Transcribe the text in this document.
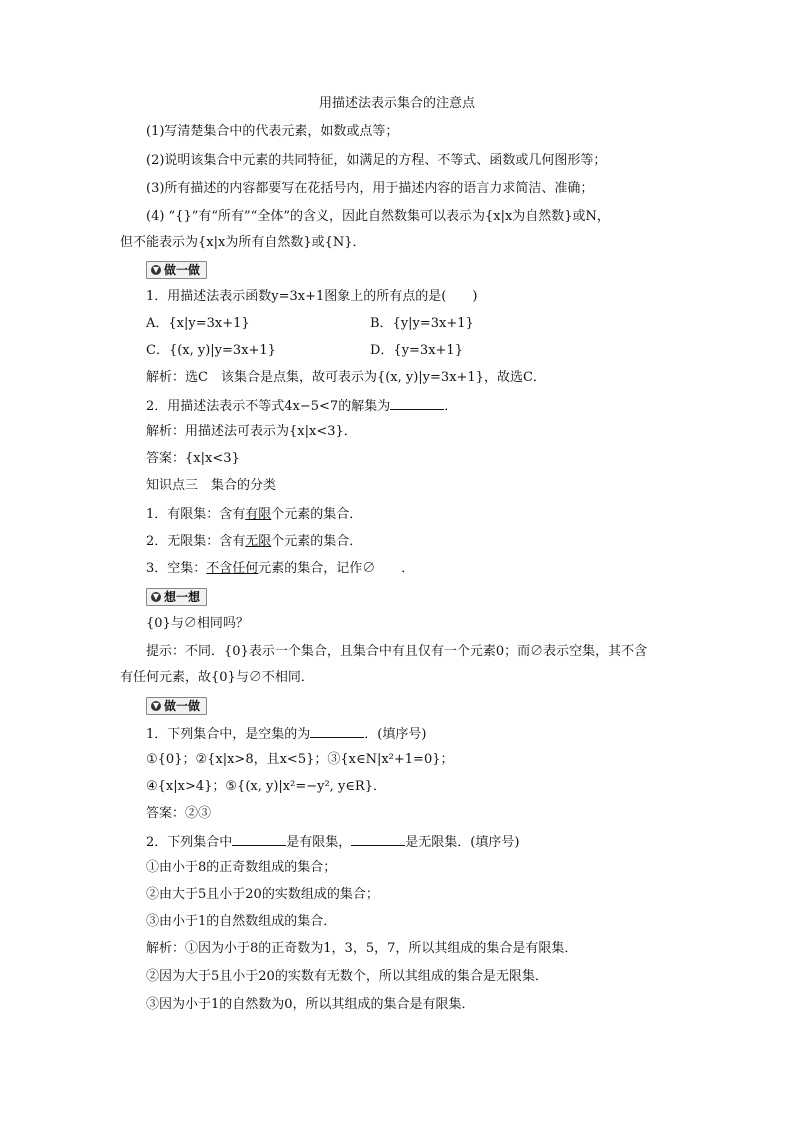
用描述法表示集合的注意点
(1)写清楚集合中的代表元素，如数或点等；
(2)说明该集合中元素的共同特征，如满足的方程、不等式、函数或几何图形等；
(3)所有描述的内容都要写在花括号内，用于描述内容的语言力求简洁、准确；
(4) “{}”有“所有”“全体”的含义，因此自然数集可以表示为{x|x为自然数}或N，
但不能表示为{x|x为所有自然数}或{N}．
▼ 做一做
1．用描述法表示函数y=3x+1图象上的所有点的是(　　)
A．{x|y=3x+1}	B．{y|y=3x+1}
C．{(x, y)|y=3x+1}	D．{y=3x+1}
解析：选C　该集合是点集，故可表示为{(x, y)|y=3x+1}，故选C．
2．用描述法表示不等式4x−5<7的解集为	．
解析：用描述法可表示为{x|x<3}．
答案：{x|x<3}
知识点三　集合的分类
1．有限集：含有有限个元素的集合．
2．无限集：含有无限个元素的集合．
3．空集：不含任何元素的集合，记作∅　　．
▼ 想一想
{0}与∅相同吗？
提示：不同．{0}表示一个集合，且集合中有且仅有一个元素0；而∅表示空集，其不含
有任何元素，故{0}与∅不相同．
▼ 做一做
1．下列集合中，是空集的为	．(填序号)
①{0}；②{x|x>8，且x<5}；③{x∈N|x²+1=0}；
④{x|x>4}；⑤{(x, y)|x²=−y², y∈R}．
答案：②③
2．下列集合中	是有限集，	是无限集．(填序号)
①由小于8的正奇数组成的集合；
②由大于5且小于20的实数组成的集合；
③由小于1的自然数组成的集合．
解析：①因为小于8的正奇数为1，3，5，7，所以其组成的集合是有限集．
②因为大于5且小于20的实数有无数个，所以其组成的集合是无限集．
③因为小于1的自然数为0，所以其组成的集合是有限集．
